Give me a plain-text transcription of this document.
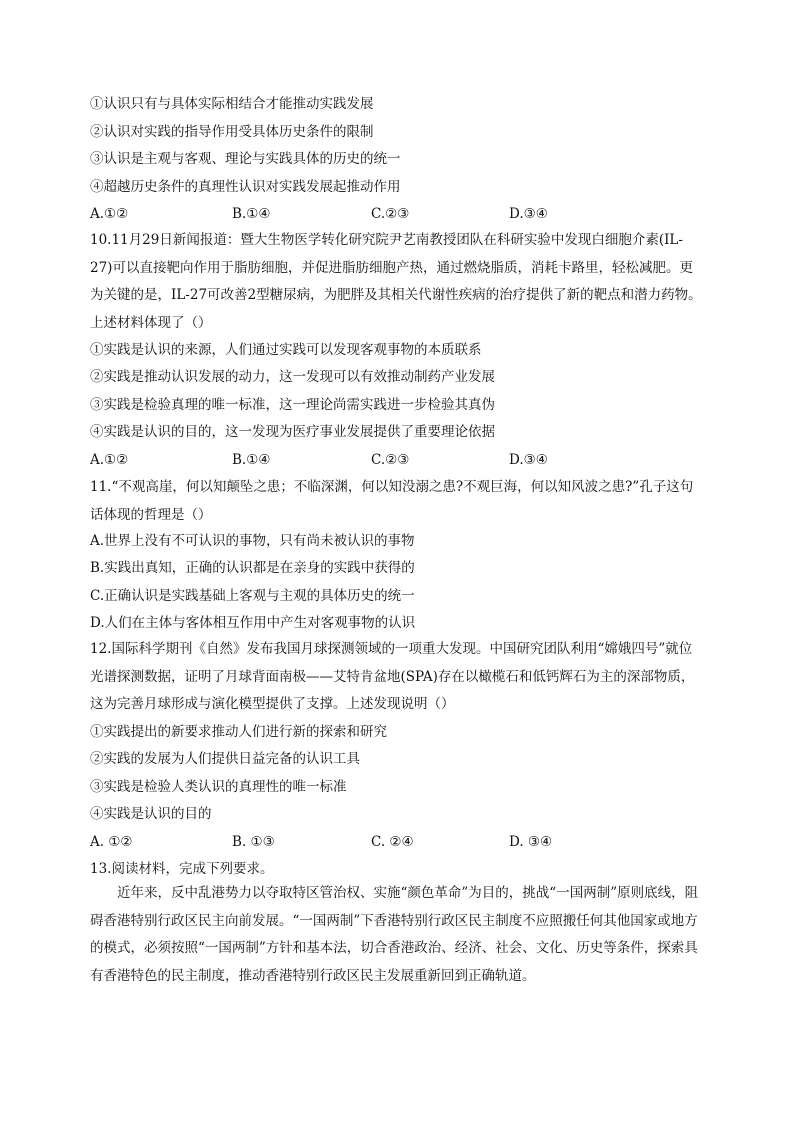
①认识只有与具体实际相结合才能推动实践发展
②认识对实践的指导作用受具体历史条件的限制
③认识是主观与客观、理论与实践具体的历史的统一
④超越历史条件的真理性认识对实践发展起推动作用
A.①②	B.①④	C.②③	D.③④
10.11月29日新闻报道：暨大生物医学转化研究院尹艺南教授团队在科研实验中发现白细胞介素(IL-27)可以直接靶向作用于脂肪细胞，并促进脂肪细胞产热，通过燃烧脂质，消耗卡路里，轻松减肥。更为关键的是，IL-27可改善2型糖尿病，为肥胖及其相关代谢性疾病的治疗提供了新的靶点和潜力药物。上述材料体现了（）
①实践是认识的来源，人们通过实践可以发现客观事物的本质联系
②实践是推动认识发展的动力，这一发现可以有效推动制药产业发展
③实践是检验真理的唯一标准，这一理论尚需实践进一步检验其真伪
④实践是认识的目的，这一发现为医疗事业发展提供了重要理论依据
A.①②	B.①④	C.②③	D.③④
11.“不观高崖，何以知颠坠之患；不临深渊，何以知没溺之患?不观巨海，何以知风波之患?”孔子这句话体现的哲理是（）
A.世界上没有不可认识的事物，只有尚未被认识的事物
B.实践出真知，正确的认识都是在亲身的实践中获得的
C.正确认识是实践基础上客观与主观的具体历史的统一
D.人们在主体与客体相互作用中产生对客观事物的认识
12.国际科学期刊《自然》发布我国月球探测领域的一项重大发现。中国研究团队利用“嫦娥四号”就位光谱探测数据，证明了月球背面南极——艾特肯盆地(SPA)存在以橄榄石和低钙辉石为主的深部物质，这为完善月球形成与演化模型提供了支撑。上述发现说明（）
①实践提出的新要求推动人们进行新的探索和研究
②实践的发展为人们提供日益完备的认识工具
③实践是检验人类认识的真理性的唯一标准
④实践是认识的目的
A. ①②	B. ①③	C. ②④	D. ③④
13.阅读材料，完成下列要求。
近年来，反中乱港势力以夺取特区管治权、实施“颜色革命”为目的，挑战“一国两制”原则底线，阻碍香港特别行政区民主向前发展。“一国两制”下香港特别行政区民主制度不应照搬任何其他国家或地方的模式，必须按照“一国两制”方针和基本法，切合香港政治、经济、社会、文化、历史等条件，探索具有香港特色的民主制度，推动香港特别行政区民主发展重新回到正确轨道。
